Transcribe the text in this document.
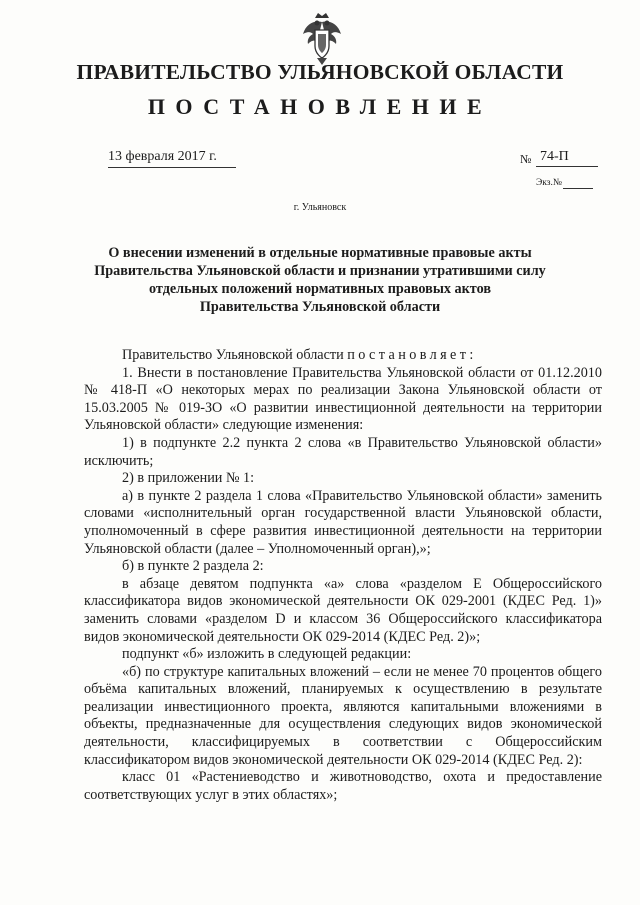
ПРАВИТЕЛЬСТВО УЛЬЯНОВСКОЙ ОБЛАСТИ
ПОСТАНОВЛЕНИЕ
13 февраля 2017 г.	№ 74-П
Экз.№
г. Ульяновск
О внесении изменений в отдельные нормативные правовые акты
Правительства Ульяновской области и признании утратившими силу
отдельных положений нормативных правовых актов
Правительства Ульяновской области

Правительство Ульяновской области постановляет:

1. Внести в постановление Правительства Ульяновской области от 01.12.2010 № 418-П «О некоторых мерах по реализации Закона Ульяновской области от 15.03.2005 № 019-ЗО «О развитии инвестиционной деятельности на территории Ульяновской области» следующие изменения:

1) в подпункте 2.2 пункта 2 слова «в Правительство Ульяновской области» исключить;

2) в приложении № 1:

а) в пункте 2 раздела 1 слова «Правительство Ульяновской области» заменить словами «исполнительный орган государственной власти Ульяновской области, уполномоченный в сфере развития инвестиционной деятельности на территории Ульяновской области (далее – Уполномоченный орган),»;

б) в пункте 2 раздела 2:

в абзаце девятом подпункта «а» слова «разделом Е Общероссийского классификатора видов экономической деятельности ОК 029-2001 (КДЕС Ред. 1)» заменить словами «разделом D и классом 36 Общероссийского классификатора видов экономической деятельности ОК 029-2014 (КДЕС Ред. 2)»;

подпункт «б» изложить в следующей редакции:

«б) по структуре капитальных вложений – если не менее 70 процентов общего объёма капитальных вложений, планируемых к осуществлению в результате реализации инвестиционного проекта, являются капитальными вложениями в объекты, предназначенные для осуществления следующих видов экономической деятельности, классифицируемых в соответствии с Общероссийским классификатором видов экономической деятельности ОК 029-2014 (КДЕС Ред. 2):

класс 01 «Растениеводство и животноводство, охота и предоставление соответствующих услуг в этих областях»;
